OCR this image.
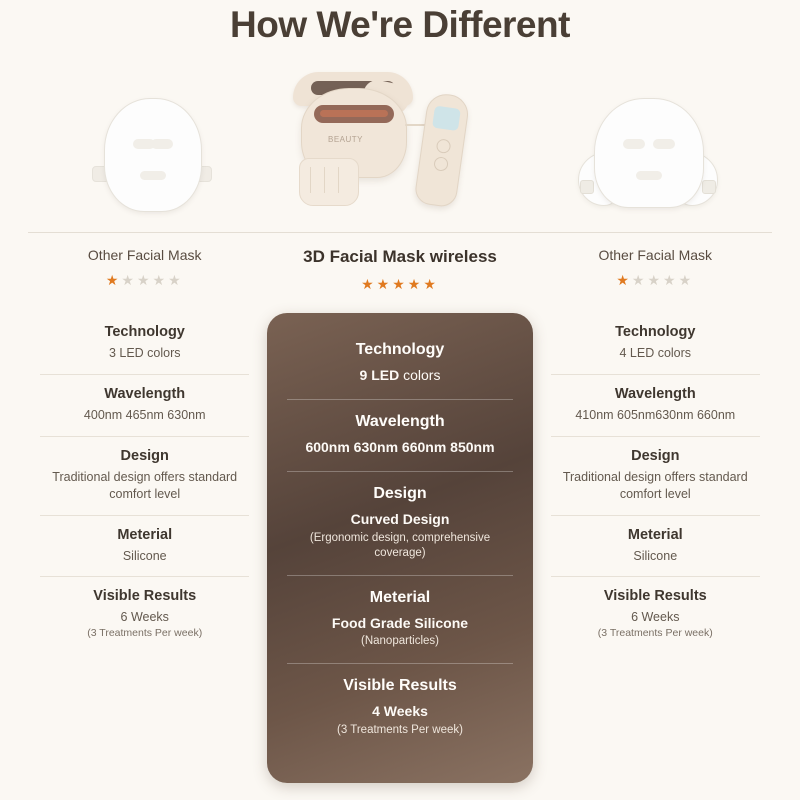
How We're Different

BEAUTY
Other Facial Mask
★★★★★
Technology
3 LED colors
Wavelength
400nm 465nm 630nm
Design
Traditional design offers standard comfort level
Meterial
Silicone
Visible Results
6 Weeks
(3 Treatments Per week)
3D Facial Mask wireless
★★★★★
Technology
9 LED colors
Wavelength
600nm 630nm 660nm 850nm
Design
Curved Design
(Ergonomic design, comprehensive coverage)
Meterial
Food Grade Silicone
(Nanoparticles)
Visible Results
4 Weeks
(3 Treatments Per week)
Other Facial Mask
★★★★★
Technology
4 LED colors
Wavelength
410nm 605nm630nm 660nm
Design
Traditional design offers standard comfort level
Meterial
Silicone
Visible Results
6 Weeks
(3 Treatments Per week)
